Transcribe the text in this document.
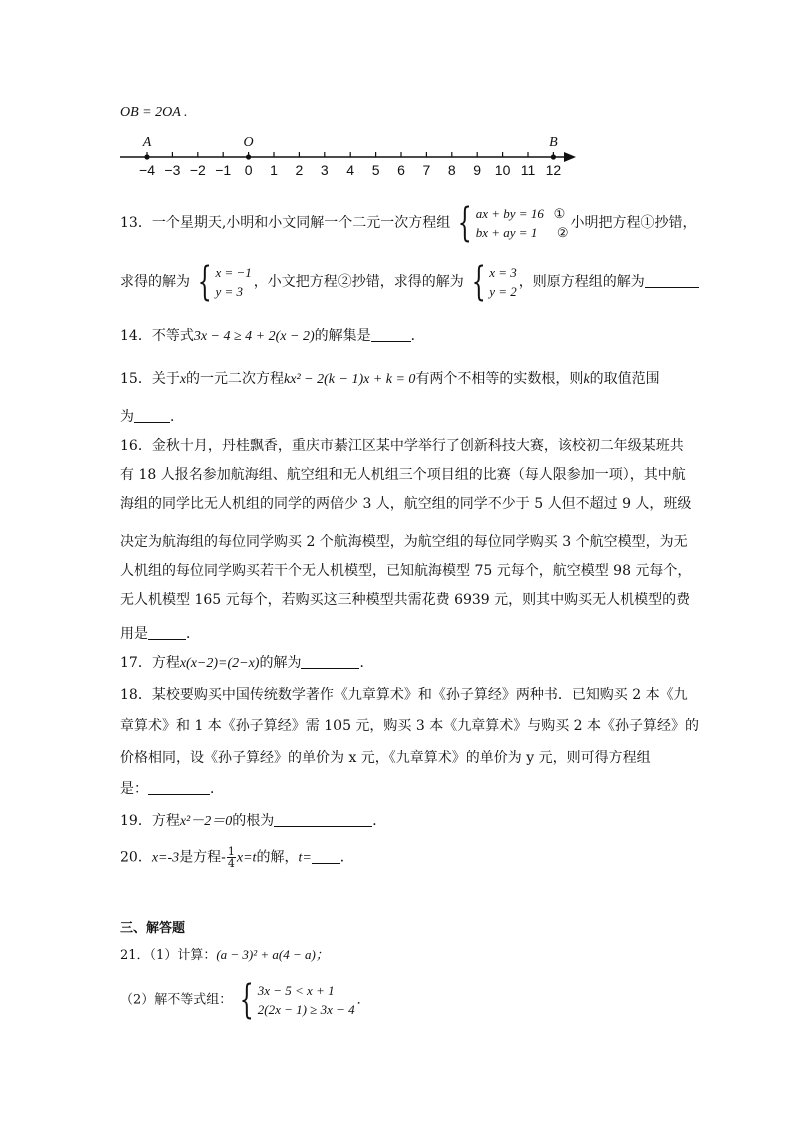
OB = 2OA .
−4 −3 −2 −1 0 1 2 3 4 5 6 7 8 9 10 11 12
A	O	B
13．一个星期天,小明和小文同解一个二元一次方程组 { ax + by = 16 ①
bx + ay = 1 ②
小明把方程①抄错，
求得的解为 { x = −1
y = 3
，小文把方程②抄错，求得的解为 { x = 3
y = 2
，则原方程组的解为
14．不等式3x − 4 ≥ 4 + 2(x − 2)的解集是	．
15．关于x的一元二次方程kx² − 2(k − 1)x + k = 0有两个不相等的实数根，则k的取值范围
为	．
16．金秋十月，丹桂飘香，重庆市綦江区某中学举行了创新科技大赛，该校初二年级某班共
有 18 人报名参加航海组、航空组和无人机组三个项目组的比赛（每人限参加一项），其中航
海组的同学比无人机组的同学的两倍少 3 人，航空组的同学不少于 5 人但不超过 9 人，班级
决定为航海组的每位同学购买 2 个航海模型，为航空组的每位同学购买 3 个航空模型，为无
人机组的每位同学购买若干个无人机模型，已知航海模型 75 元每个，航空模型 98 元每个，
无人机模型 165 元每个，若购买这三种模型共需花费 6939 元，则其中购买无人机模型的费
用是	．
17．方程x(x−2)=(2−x)的解为	．
18．某校要购买中国传统数学著作《九章算术》和《孙子算经》两种书．已知购买 2 本《九
章算术》和 1 本《孙子算经》需 105 元，购买 3 本《九章算术》与购买 2 本《孙子算经》的
价格相同，设《孙子算经》的单价为 x 元，《九章算术》的单价为 y 元，则可得方程组
是：	．
19．方程x²－2＝0的根为	．
20．x=-3是方程- $\frac{1}{4} x=t$的解，t= ．
三、解答题
21．（1）计算：(a − 3)² + a(4 − a)；
（2）解不等式组： { 3x − 5 < x + 1
2(2x − 1) ≥ 3x − 4
．
